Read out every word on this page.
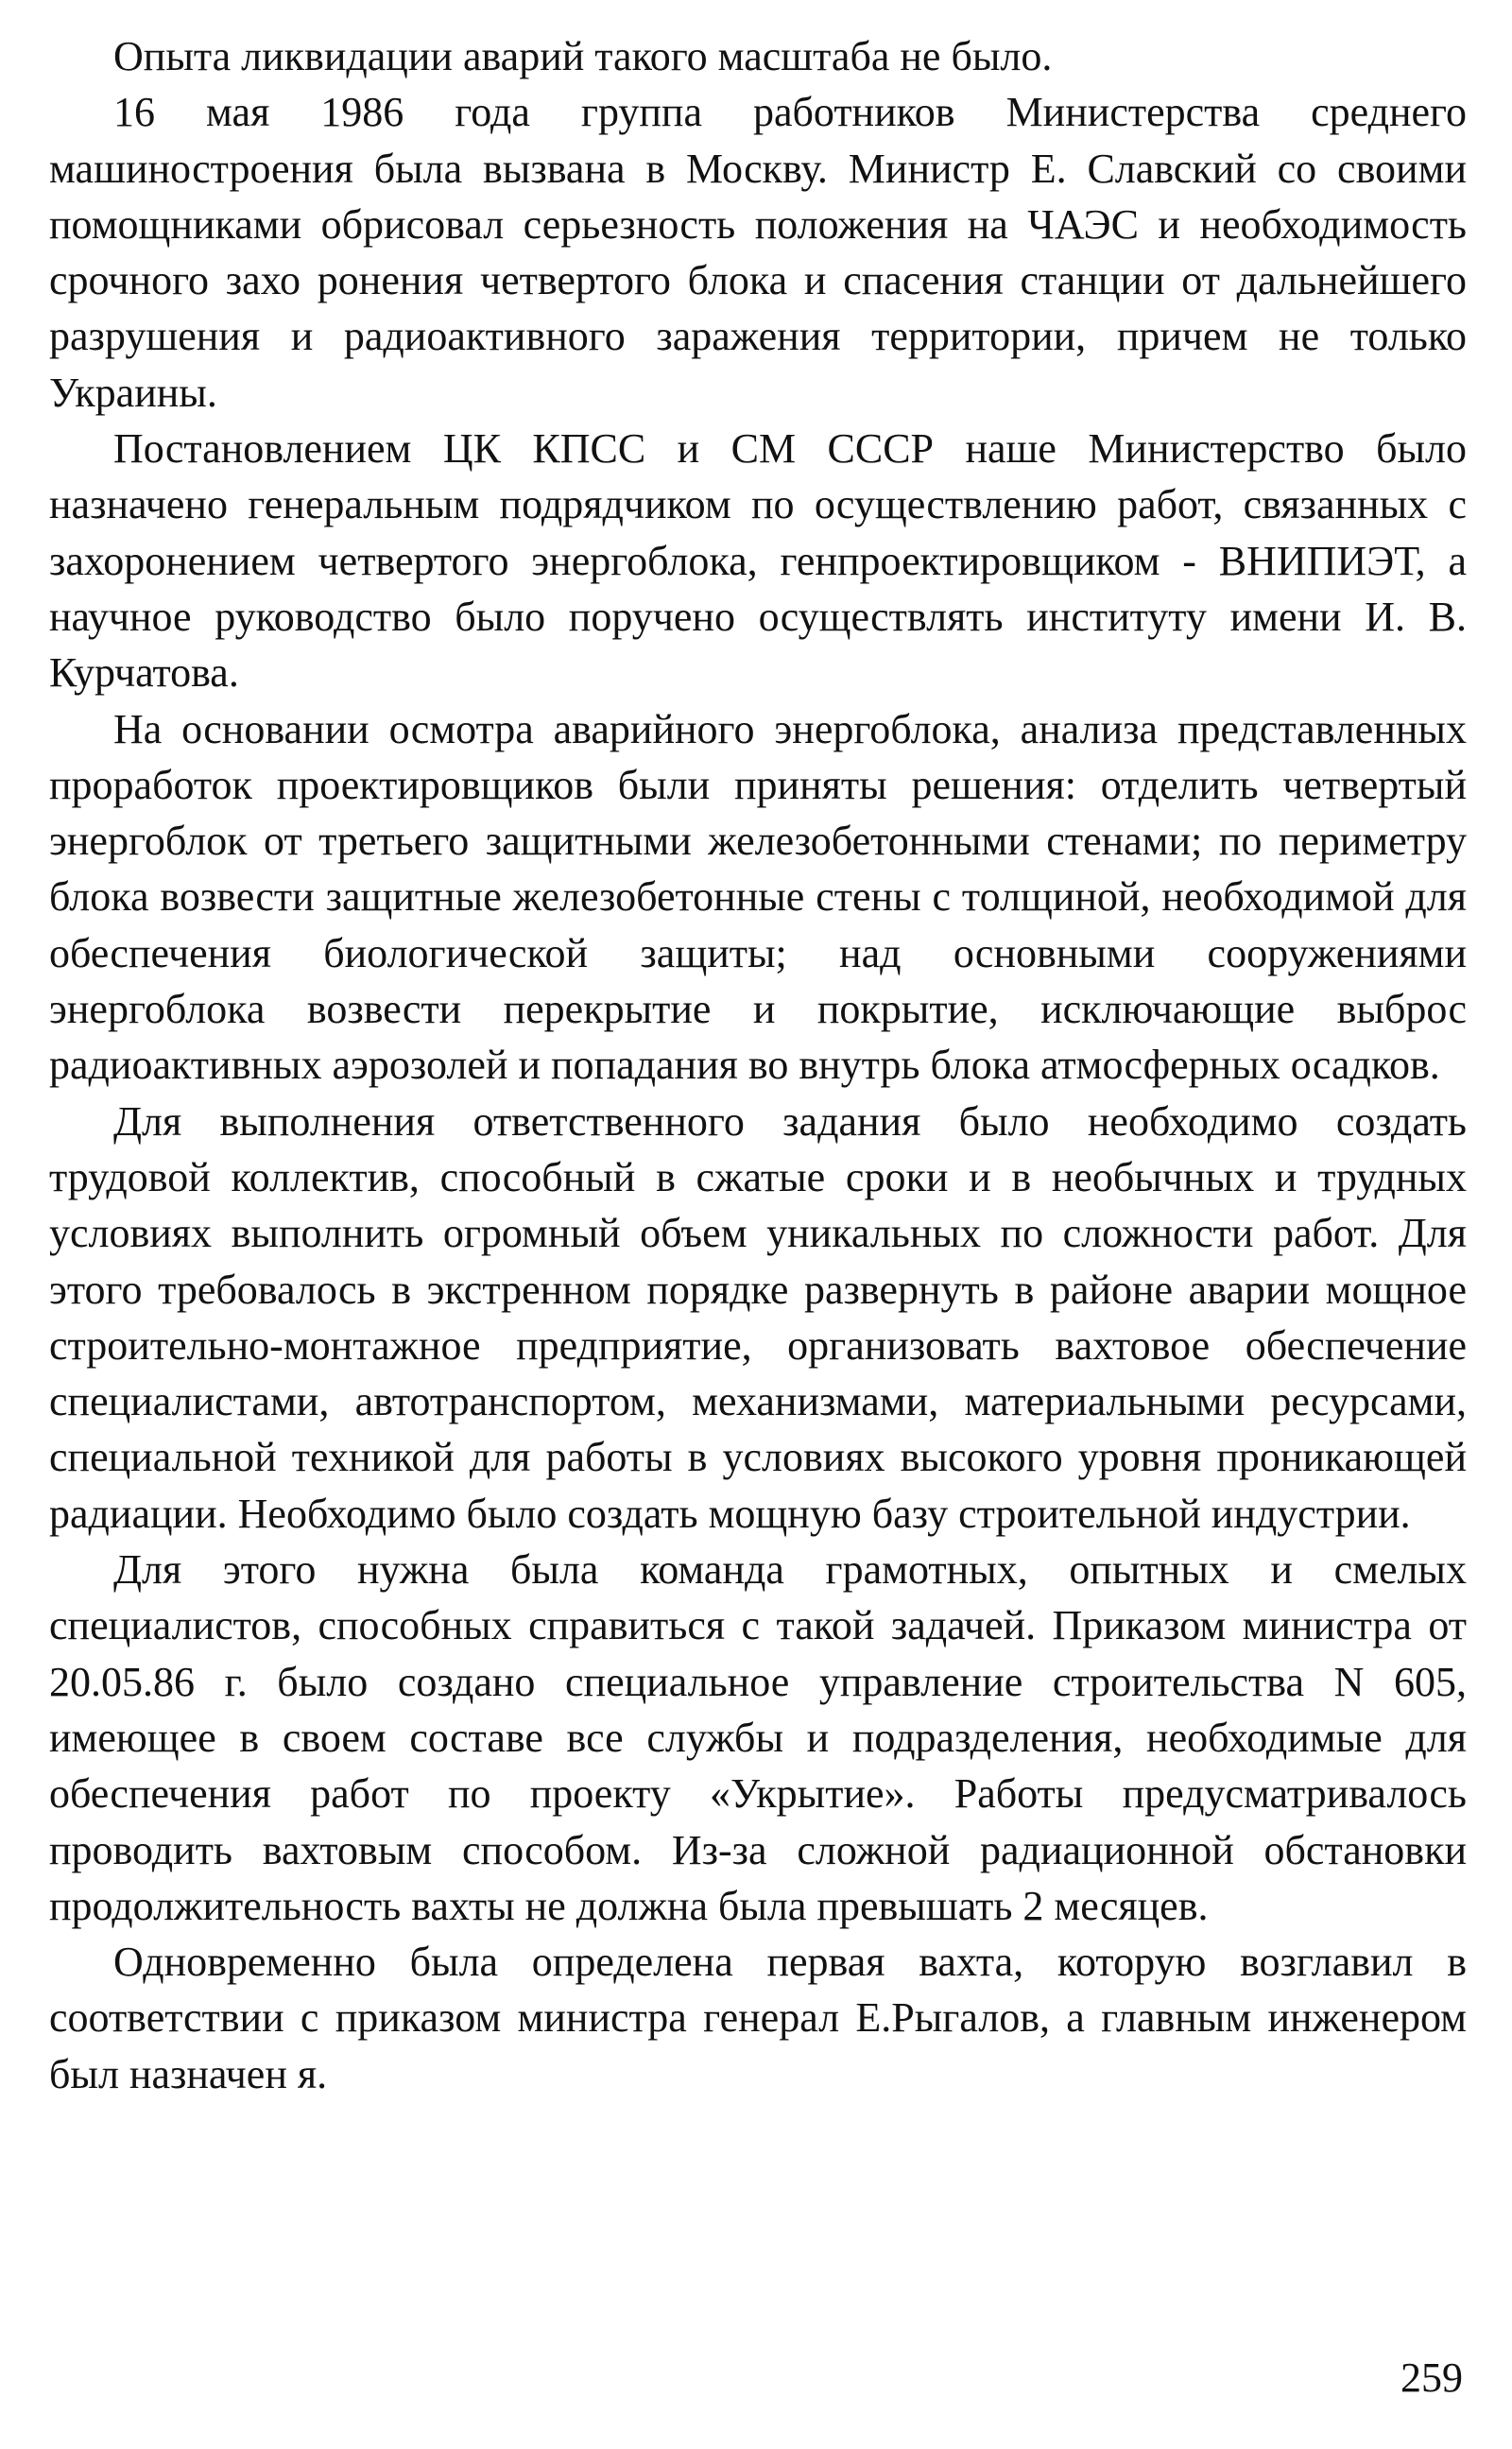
Опыта ликвидации аварий такого масштаба не было.

16 мая 1986 года группа работников Министерства среднего машиностроения была вызвана в Москву. Министр Е. Славский со своими помощниками обрисовал серьезность положения на ЧАЭС и необходимость срочного захо ронения четвертого блока и спасения станции от дальнейшего разрушения и радиоактивного заражения территории, причем не только Украины.

Постановлением ЦК КПСС и СМ СССР наше Министерство было назначено генеральным подрядчиком по осуществлению работ, связанных с захоронением четвертого энергоблока, генпроектировщиком - ВНИПИЭТ, а научное руководство было поручено осуществлять институту имени И. В. Курчатова.

На основании осмотра аварийного энергоблока, анализа представленных проработок проектировщиков были приняты решения: отделить четвертый энергоблок от третьего защитными железобетонными стенами; по периметру блока возвести защитные железобетонные стены с толщиной, необходимой для обеспечения биологической защиты; над основными сооружениями энергоблока возвести перекрытие и покрытие, исключающие выброс радиоактивных аэрозолей и попадания во внутрь блока атмосферных осадков.

Для выполнения ответственного задания было необходимо создать трудовой коллектив, способный в сжатые сроки и в необычных и трудных условиях выполнить огромный объем уникальных по сложности работ. Для этого требовалось в экстренном порядке развернуть в районе аварии мощное строительно-монтажное предприятие, организовать вахтовое обеспечение специалистами, автотранспортом, механизмами, материальными ресурсами, специальной техникой для работы в условиях высокого уровня проникающей радиации. Необходимо было создать мощную базу строительной индустрии.

Для этого нужна была команда грамотных, опытных и смелых специалистов, способных справиться с такой задачей. Приказом министра от 20.05.86 г. было создано специальное управление строительства N 605, имеющее в своем составе все службы и подразделения, необходимые для обеспечения работ по проекту «Укрытие». Работы предусматривалось проводить вахтовым способом. Из-за сложной радиационной обстановки продолжительность вахты не должна была превышать 2 месяцев.

Одновременно была определена первая вахта, которую возглавил в соответствии с приказом министра генерал Е.Рыгалов, а главным инженером был назначен я.

259
